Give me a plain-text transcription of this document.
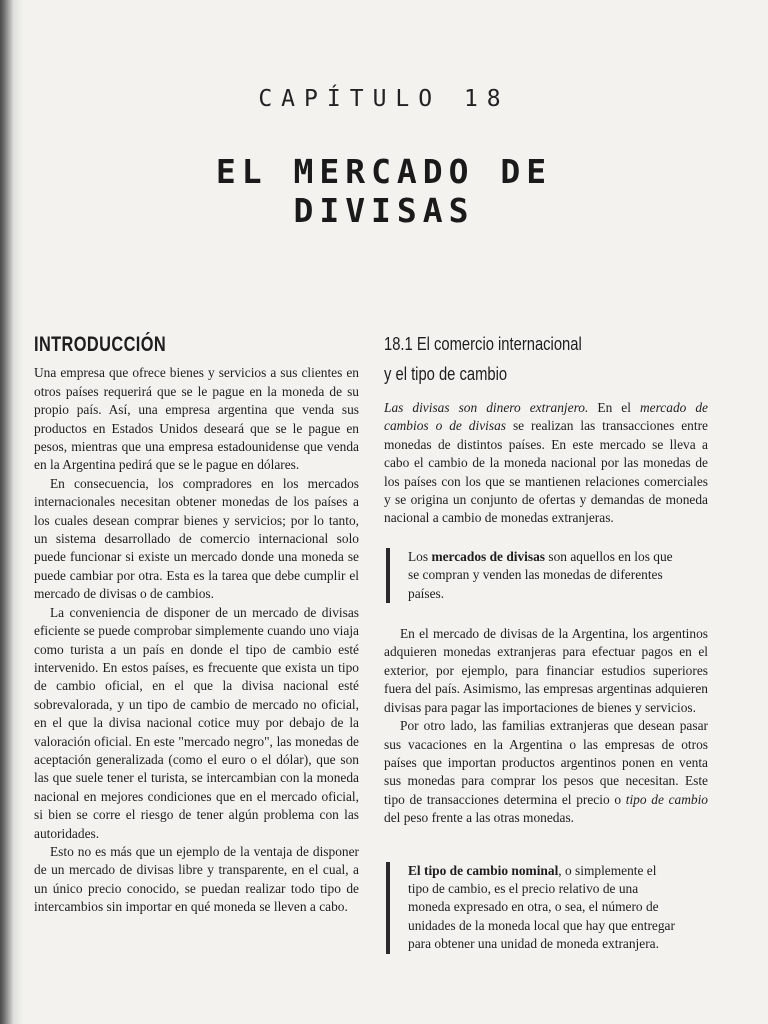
CAPÍTULO 18
EL MERCADO DE DIVISAS
INTRODUCCIÓN

Una empresa que ofrece bienes y servicios a sus clientes en otros países requerirá que se le pague en la moneda de su propio país. Así, una empresa argentina que venda sus productos en Estados Unidos deseará que se le pague en pesos, mientras que una empresa estadounidense que venda en la Argentina pedirá que se le pague en dólares.

En consecuencia, los compradores en los mercados internacionales necesitan obtener monedas de los países a los cuales desean comprar bienes y servicios; por lo tanto, un sistema desarrollado de comercio internacional solo puede funcionar si existe un mercado donde una moneda se puede cambiar por otra. Esta es la tarea que debe cumplir el mercado de divisas o de cambios.

La conveniencia de disponer de un mercado de divisas eficiente se puede comprobar simplemente cuando uno viaja como turista a un país en donde el tipo de cambio esté intervenido. En estos países, es frecuente que exista un tipo de cambio oficial, en el que la divisa nacional esté sobrevalorada, y un tipo de cambio de mercado no oficial, en el que la divisa nacional cotice muy por debajo de la valoración oficial. En este "mercado negro", las monedas de aceptación generalizada (como el euro o el dólar), que son las que suele tener el turista, se intercambian con la moneda nacional en mejores condiciones que en el mercado oficial, si bien se corre el riesgo de tener algún problema con las autoridades.

Esto no es más que un ejemplo de la ventaja de disponer de un mercado de divisas libre y transparente, en el cual, a un único precio conocido, se puedan realizar todo tipo de intercambios sin importar en qué moneda se lleven a cabo.

18.1 El comercio internacional
y el tipo de cambio

Las divisas son dinero extranjero. En el mercado de cambios o de divisas se realizan las transacciones entre monedas de distintos países. En este mercado se lleva a cabo el cambio de la moneda nacional por las monedas de los países con los que se mantienen relaciones comerciales y se origina un conjunto de ofertas y demandas de moneda nacional a cambio de monedas extranjeras.

Los mercados de divisas son aquellos en los que se compran y venden las monedas de diferentes países.

En el mercado de divisas de la Argentina, los argentinos adquieren monedas extranjeras para efectuar pagos en el exterior, por ejemplo, para financiar estudios superiores fuera del país. Asimismo, las empresas argentinas adquieren divisas para pagar las importaciones de bienes y servicios.

Por otro lado, las familias extranjeras que desean pasar sus vacaciones en la Argentina o las empresas de otros países que importan productos argentinos ponen en venta sus monedas para comprar los pesos que necesitan. Este tipo de transacciones determina el precio o tipo de cambio del peso frente a las otras monedas.

El tipo de cambio nominal, o simplemente el tipo de cambio, es el precio relativo de una moneda expresado en otra, o sea, el número de unidades de la moneda local que hay que entregar para obtener una unidad de moneda extranjera.
